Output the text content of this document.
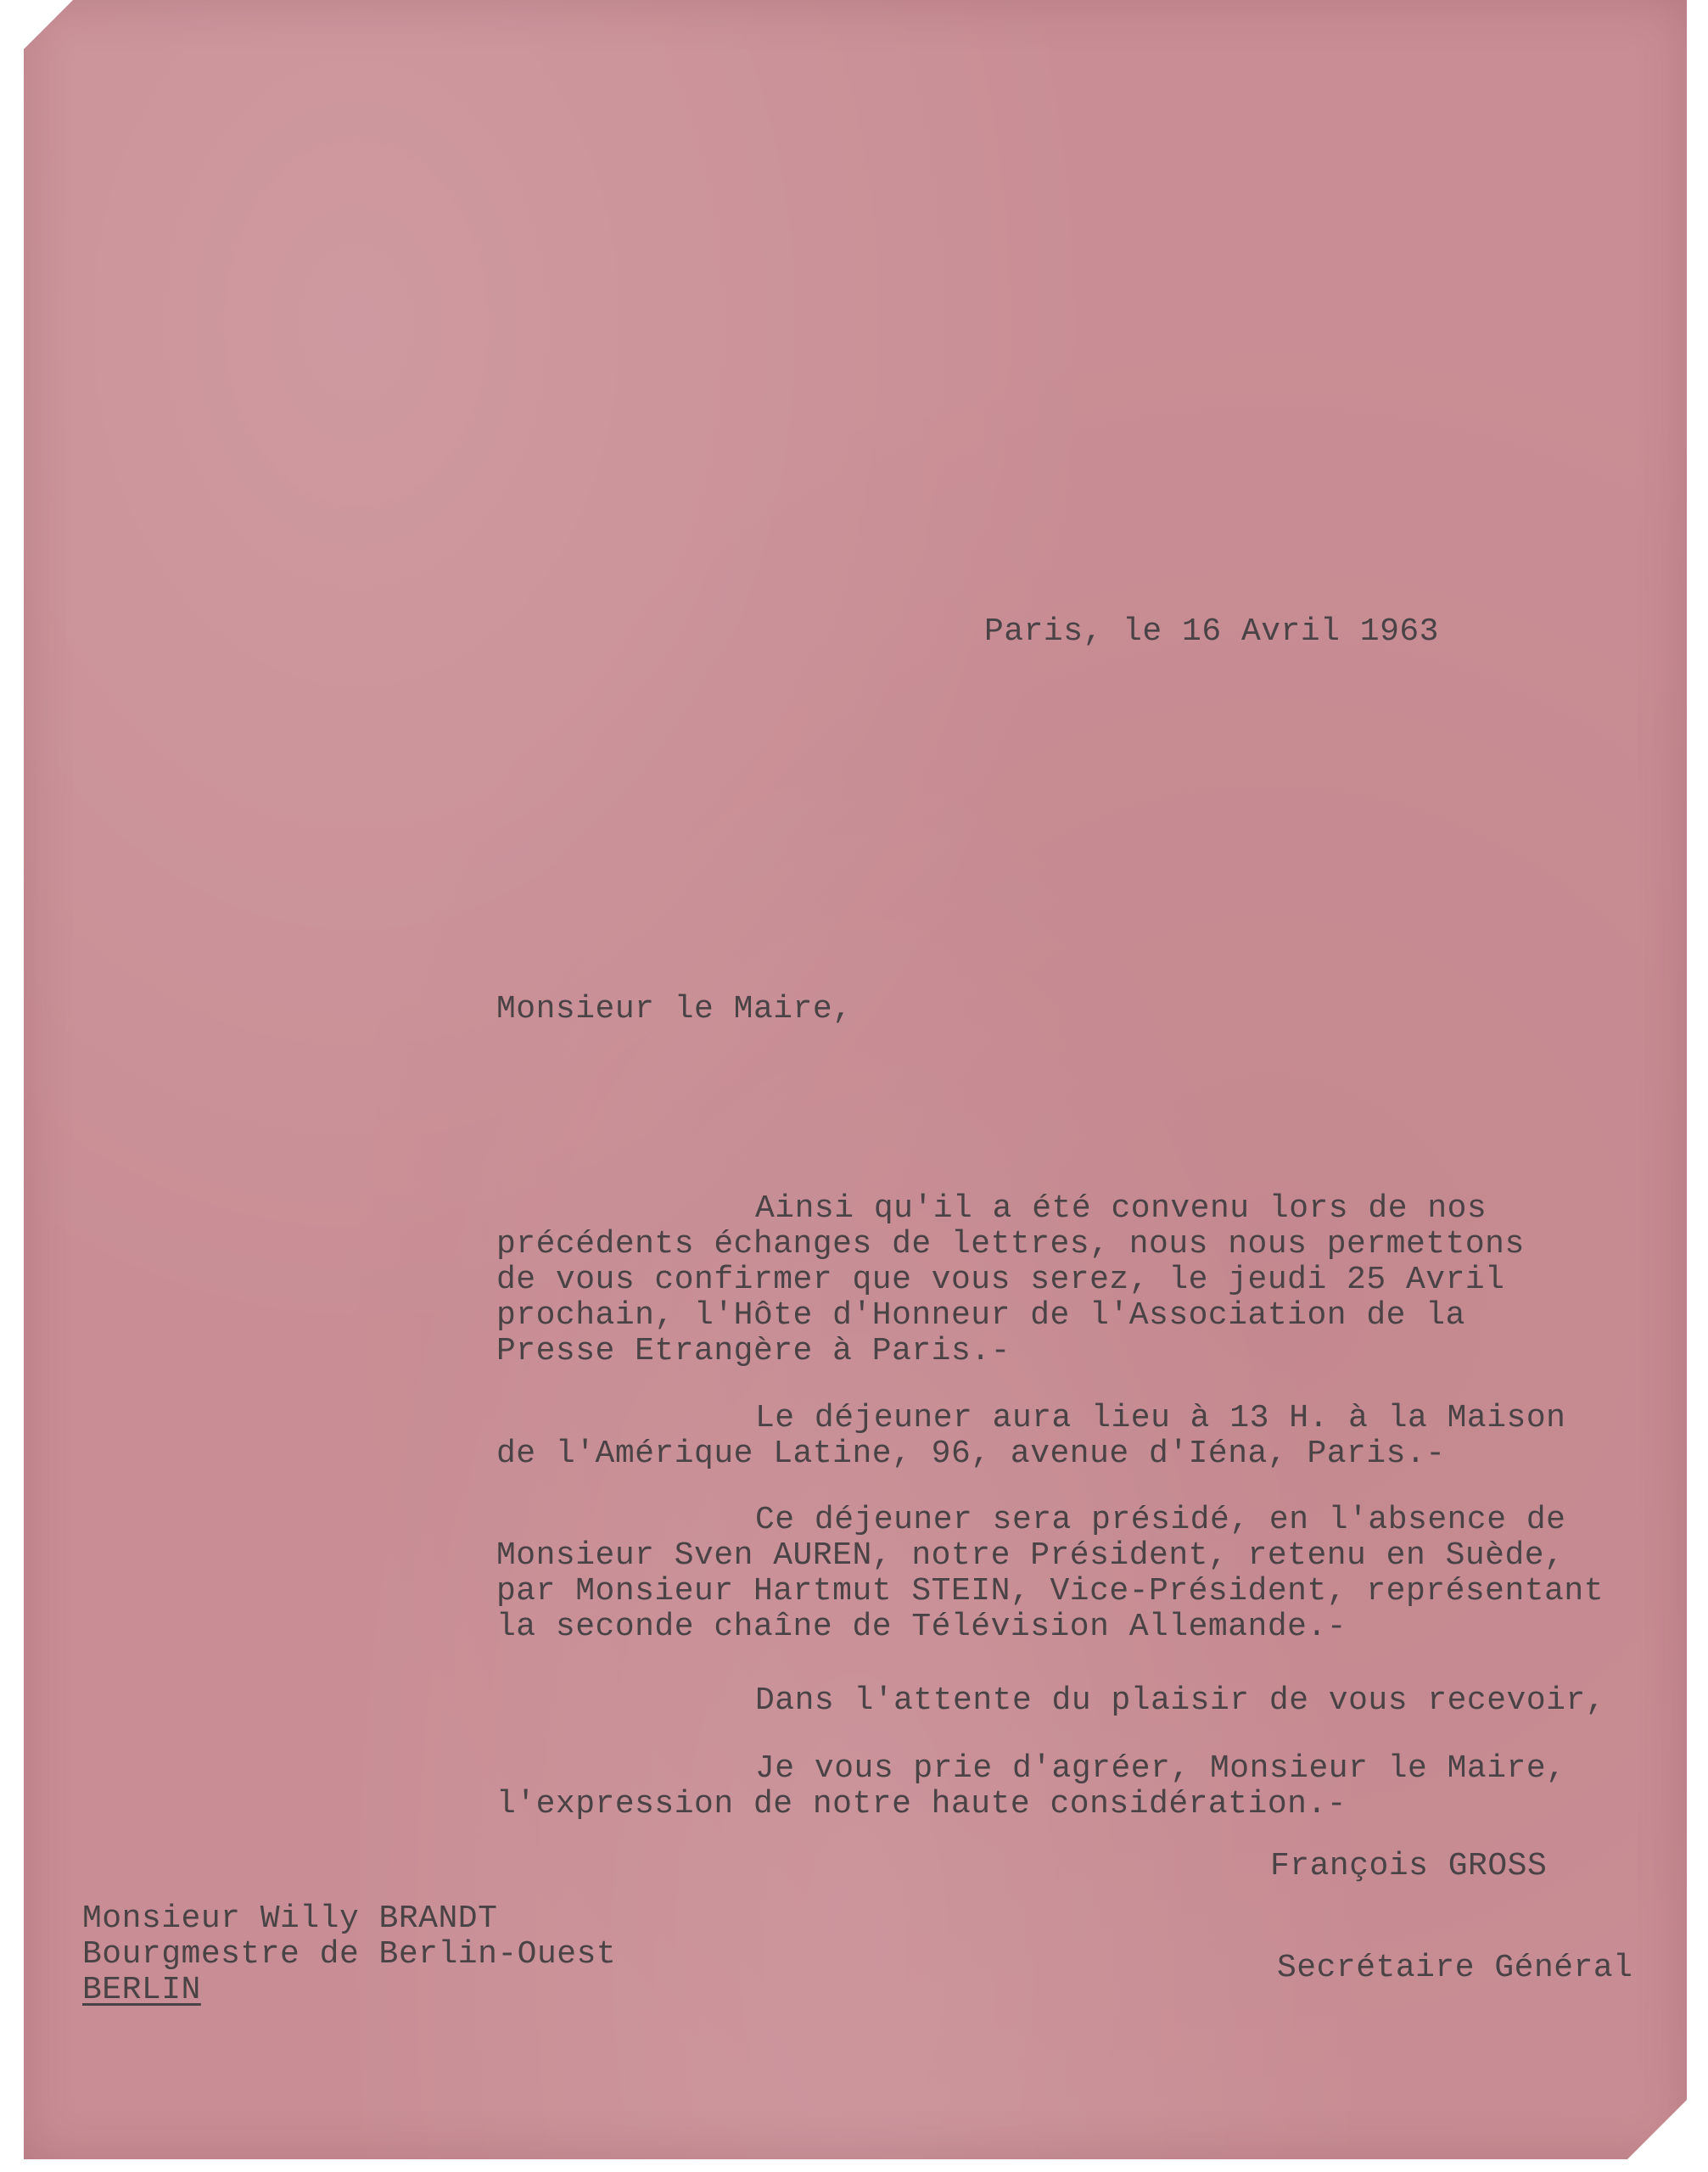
Paris, le 16 Avril 1963
Monsieur le Maire,
Ainsi qu'il a été convenu lors de nos
précédents échanges de lettres, nous nous permettons
de vous confirmer que vous serez, le jeudi 25 Avril
prochain, l'Hôte d'Honneur de l'Association de la
Presse Etrangère à Paris.-
Le déjeuner aura lieu à 13 H. à la Maison
de l'Amérique Latine, 96, avenue d'Iéna, Paris.-
Ce déjeuner sera présidé, en l'absence de
Monsieur Sven AUREN, notre Président, retenu en Suède,
par Monsieur Hartmut STEIN, Vice-Président, représentant
la seconde chaîne de Télévision Allemande.-
Dans l'attente du plaisir de vous recevoir,
Je vous prie d'agréer, Monsieur le Maire,
l'expression de notre haute considération.-
François GROSS
Secrétaire Général
Monsieur Willy BRANDT
Bourgmestre de Berlin-Ouest
BERLIN
